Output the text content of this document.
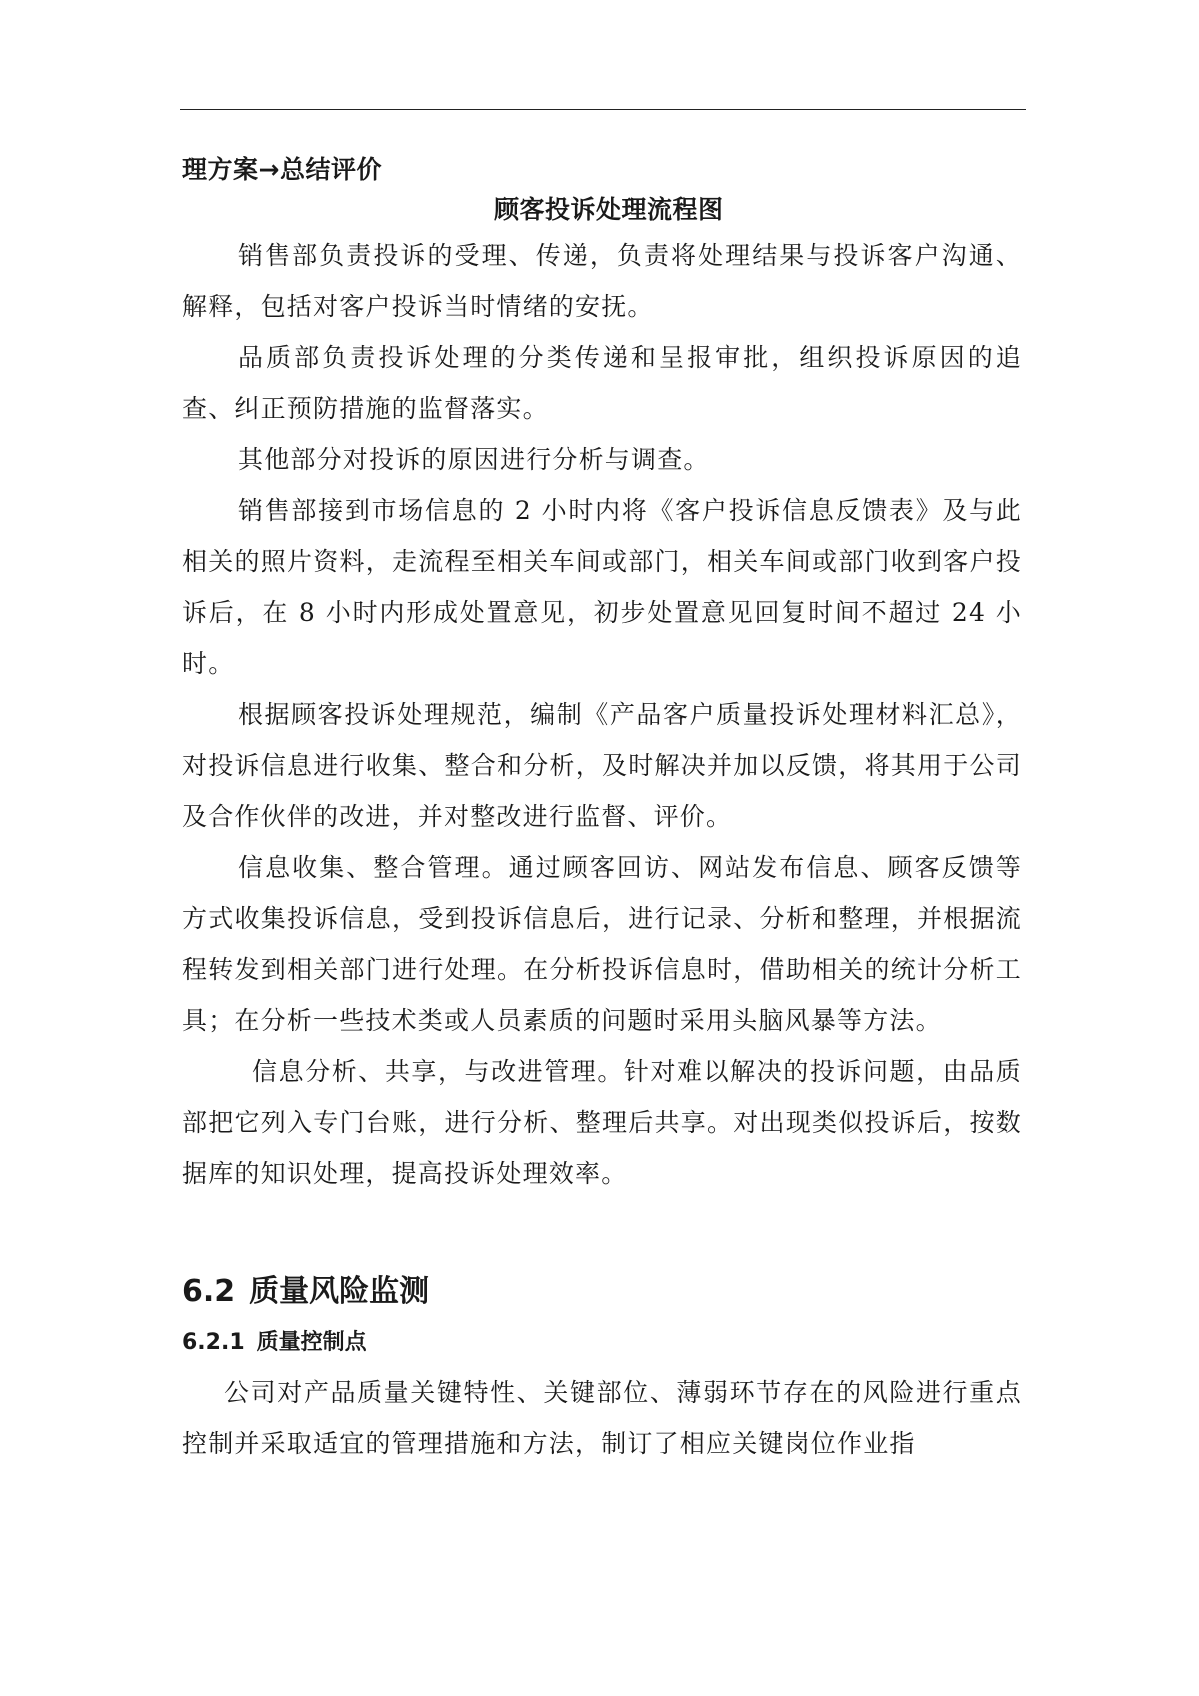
理方案→总结评价

顾客投诉处理流程图

销售部负责投诉的受理、传递，负责将处理结果与投诉客户沟通、解释，包括对客户投诉当时情绪的安抚。

品质部负责投诉处理的分类传递和呈报审批，组织投诉原因的追查、纠正预防措施的监督落实。

其他部分对投诉的原因进行分析与调查。

销售部接到市场信息的 2 小时内将《客户投诉信息反馈表》及与此相关的照片资料，走流程至相关车间或部门，相关车间或部门收到客户投诉后，在 8 小时内形成处置意见，初步处置意见回复时间不超过 24 小时。

根据顾客投诉处理规范，编制《产品客户质量投诉处理材料汇总》，对投诉信息进行收集、整合和分析，及时解决并加以反馈，将其用于公司及合作伙伴的改进，并对整改进行监督、评价。

信息收集、整合管理。通过顾客回访、网站发布信息、顾客反馈等方式收集投诉信息，受到投诉信息后，进行记录、分析和整理，并根据流程转发到相关部门进行处理。在分析投诉信息时，借助相关的统计分析工具；在分析一些技术类或人员素质的问题时采用头脑风暴等方法。

信息分析、共享，与改进管理。针对难以解决的投诉问题，由品质部把它列入专门台账，进行分析、整理后共享。对出现类似投诉后，按数据库的知识处理，提高投诉处理效率。

6.2 质量风险监测
6.2.1 质量控制点

公司对产品质量关键特性、关键部位、薄弱环节存在的风险进行重点控制并采取适宜的管理措施和方法，制订了相应关键岗位作业指
